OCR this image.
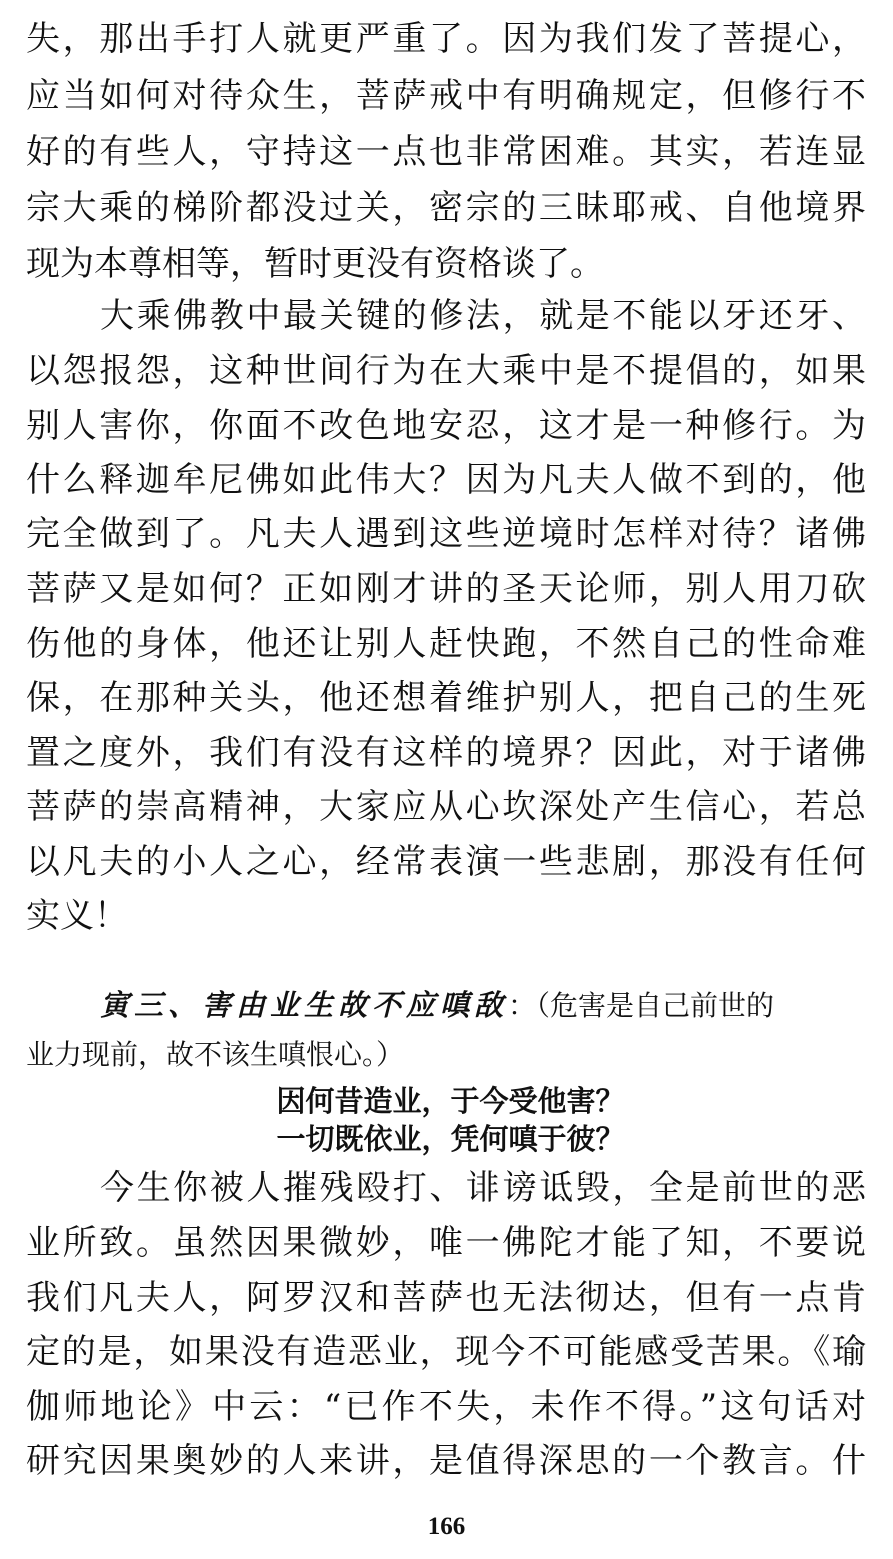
失，那出手打人就更严重了。因为我们发了菩提心，
应当如何对待众生，菩萨戒中有明确规定，但修行不
好的有些人，守持这一点也非常困难。其实，若连显
宗大乘的梯阶都没过关，密宗的三昧耶戒、自他境界
现为本尊相等，暂时更没有资格谈了。
大乘佛教中最关键的修法，就是不能以牙还牙、
以怨报怨，这种世间行为在大乘中是不提倡的，如果
别人害你，你面不改色地安忍，这才是一种修行。为
什么释迦牟尼佛如此伟大？因为凡夫人做不到的，他
完全做到了。凡夫人遇到这些逆境时怎样对待？诸佛
菩萨又是如何？正如刚才讲的圣天论师，别人用刀砍
伤他的身体，他还让别人赶快跑，不然自己的性命难
保，在那种关头，他还想着维护别人，把自己的生死
置之度外，我们有没有这样的境界？因此，对于诸佛
菩萨的崇高精神，大家应从心坎深处产生信心，若总
以凡夫的小人之心，经常表演一些悲剧，那没有任何
实义！
寅三、害由业生故不应嗔敌：（危害是自己前世的
业力现前，故不该生嗔恨心。）
因何昔造业，于今受他害？
一切既依业，凭何嗔于彼？
今生你被人摧残殴打、诽谤诋毁，全是前世的恶
业所致。虽然因果微妙，唯一佛陀才能了知，不要说
我们凡夫人，阿罗汉和菩萨也无法彻达，但有一点肯
定的是，如果没有造恶业，现今不可能感受苦果。《瑜
伽师地论》中云：“已作不失，未作不得。”这句话对
研究因果奥妙的人来讲，是值得深思的一个教言。什
166
